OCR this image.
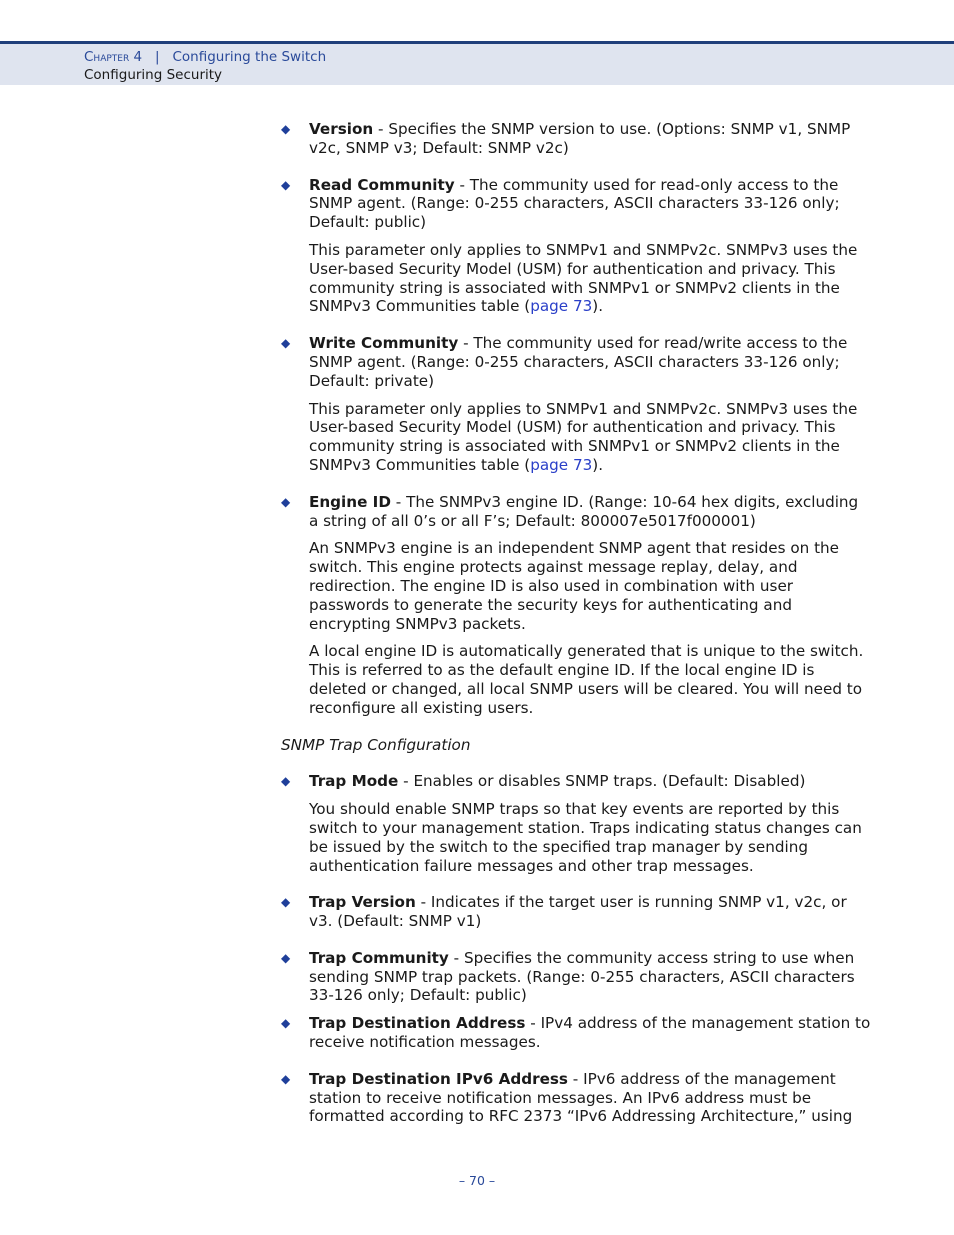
Chapter 4 | Configuring the Switch
Configuring Security
◆ Version - Specifies the SNMP version to use. (Options: SNMP v1, SNMP v2c, SNMP v3; Default: SNMP v2c)

◆ Read Community - The community used for read-only access to the SNMP agent. (Range: 0-255 characters, ASCII characters 33-126 only; Default: public)

This parameter only applies to SNMPv1 and SNMPv2c. SNMPv3 uses the User-based Security Model (USM) for authentication and privacy. This community string is associated with SNMPv1 or SNMPv2 clients in the SNMPv3 Communities table (page 73).

◆ Write Community - The community used for read/write access to the SNMP agent. (Range: 0-255 characters, ASCII characters 33-126 only; Default: private)

This parameter only applies to SNMPv1 and SNMPv2c. SNMPv3 uses the User-based Security Model (USM) for authentication and privacy. This community string is associated with SNMPv1 or SNMPv2 clients in the SNMPv3 Communities table (page 73).

◆ Engine ID - The SNMPv3 engine ID. (Range: 10-64 hex digits, excluding a string of all 0’s or all F’s; Default: 800007e5017f000001)

An SNMPv3 engine is an independent SNMP agent that resides on the switch. This engine protects against message replay, delay, and redirection. The engine ID is also used in combination with user passwords to generate the security keys for authenticating and encrypting SNMPv3 packets.

A local engine ID is automatically generated that is unique to the switch. This is referred to as the default engine ID. If the local engine ID is deleted or changed, all local SNMP users will be cleared. You will need to reconfigure all existing users.

SNMP Trap Configuration

◆ Trap Mode - Enables or disables SNMP traps. (Default: Disabled)

You should enable SNMP traps so that key events are reported by this switch to your management station. Traps indicating status changes can be issued by the switch to the specified trap manager by sending authentication failure messages and other trap messages.

◆ Trap Version - Indicates if the target user is running SNMP v1, v2c, or v3. (Default: SNMP v1)

◆ Trap Community - Specifies the community access string to use when sending SNMP trap packets. (Range: 0-255 characters, ASCII characters 33-126 only; Default: public)

◆ Trap Destination Address - IPv4 address of the management station to receive notification messages.

◆ Trap Destination IPv6 Address - IPv6 address of the management station to receive notification messages. An IPv6 address must be formatted according to RFC 2373 “IPv6 Addressing Architecture,” using

– 70 –
